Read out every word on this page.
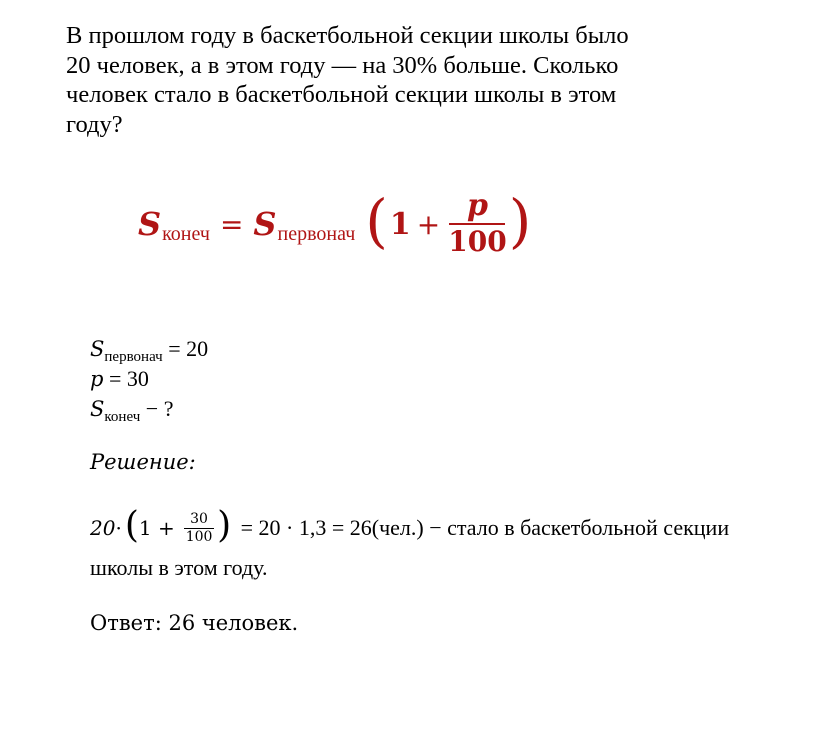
В прошлом году в баскетбольной секции школы было
20 человек, а в этом году — на 30% больше. Сколько
человек стало в баскетбольной секции школы в этом
году?
S конеч = S первонач ( $1 + \frac{p}{100}$ )
$S_{первонач} = 20$
p = 30
$S_{конеч}$ − ?
Решение:
20 · ( 1 + 30
100 ) = 20 · 1,3 = 26(чел.) − стало в баскетбольной секции
школы в этом году.
Ответ: 26 человек.
